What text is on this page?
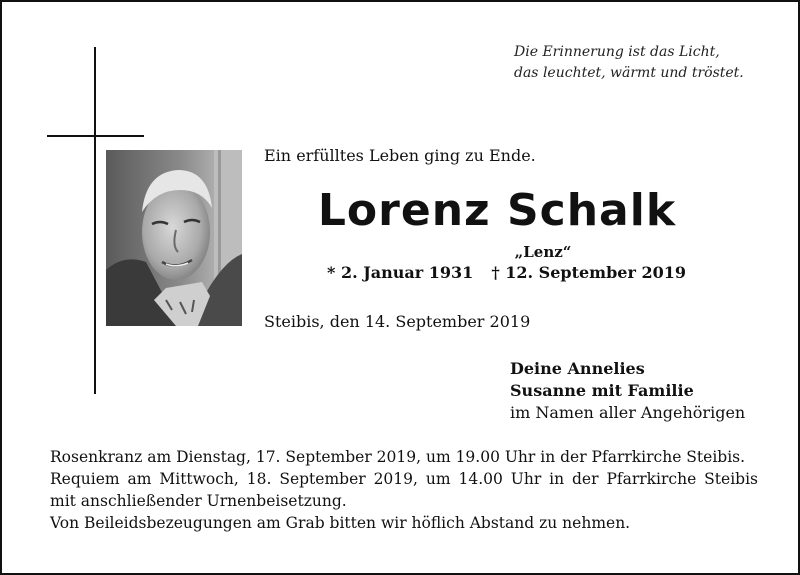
Die Erinnerung ist das Licht,
das leuchtet, wärmt und tröstet.
Ein erfülltes Leben ging zu Ende.
Lorenz Schalk
„Lenz“
* 2. Januar 1931 † 12. September 2019
Steibis, den 14. September 2019
Deine Annelies
Susanne mit Familie
im Namen aller Angehörigen
Rosenkranz am Dienstag, 17. September 2019, um 19.00 Uhr in der Pfarrkirche Steibis.
Requiem am Mittwoch, 18. September 2019, um 14.00 Uhr in der Pfarrkirche Steibis
mit anschließender Urnenbeisetzung.
Von Beileidsbezeugungen am Grab bitten wir höflich Abstand zu nehmen.
